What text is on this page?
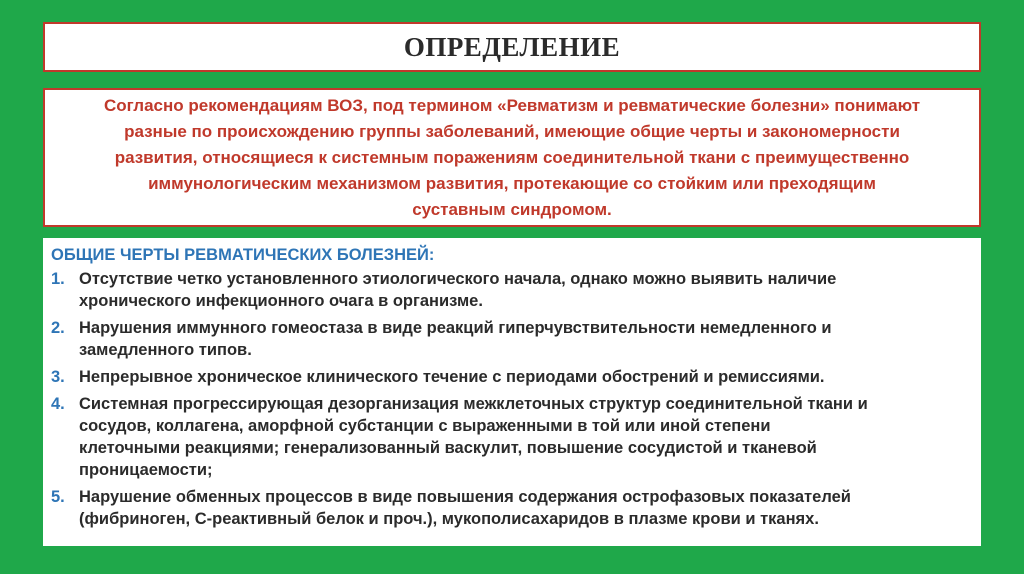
ОПРЕДЕЛЕНИЕ
Согласно рекомендациям ВОЗ, под термином «Ревматизм и ревматические болезни» понимают
разные по происхождению группы заболеваний, имеющие общие черты и закономерности
развития, относящиеся к системным поражениям соединительной ткани с преимущественно
иммунологическим механизмом развития, протекающие со стойким или преходящим
суставным синдромом.
ОБЩИЕ ЧЕРТЫ РЕВМАТИЧЕСКИХ БОЛЕЗНЕЙ:
1. Отсутствие четко установленного этиологического начала, однако можно выявить наличие
хронического инфекционного очага в организме.
2. Нарушения иммунного гомеостаза в виде реакций гиперчувствительности немедленного и
замедленного типов.
3. Непрерывное хроническое клинического течение с периодами обострений и ремиссиями.
4. Системная прогрессирующая дезорганизация межклеточных структур соединительной ткани и
сосудов, коллагена, аморфной субстанции с выраженными в той или иной степени
клеточными реакциями; генерализованный васкулит, повышение сосудистой и тканевой
проницаемости;
5. Нарушение обменных процессов в виде повышения содержания острофазовых показателей
(фибриноген, С-реактивный белок и проч.), мукополисахаридов в плазме крови и тканях.
